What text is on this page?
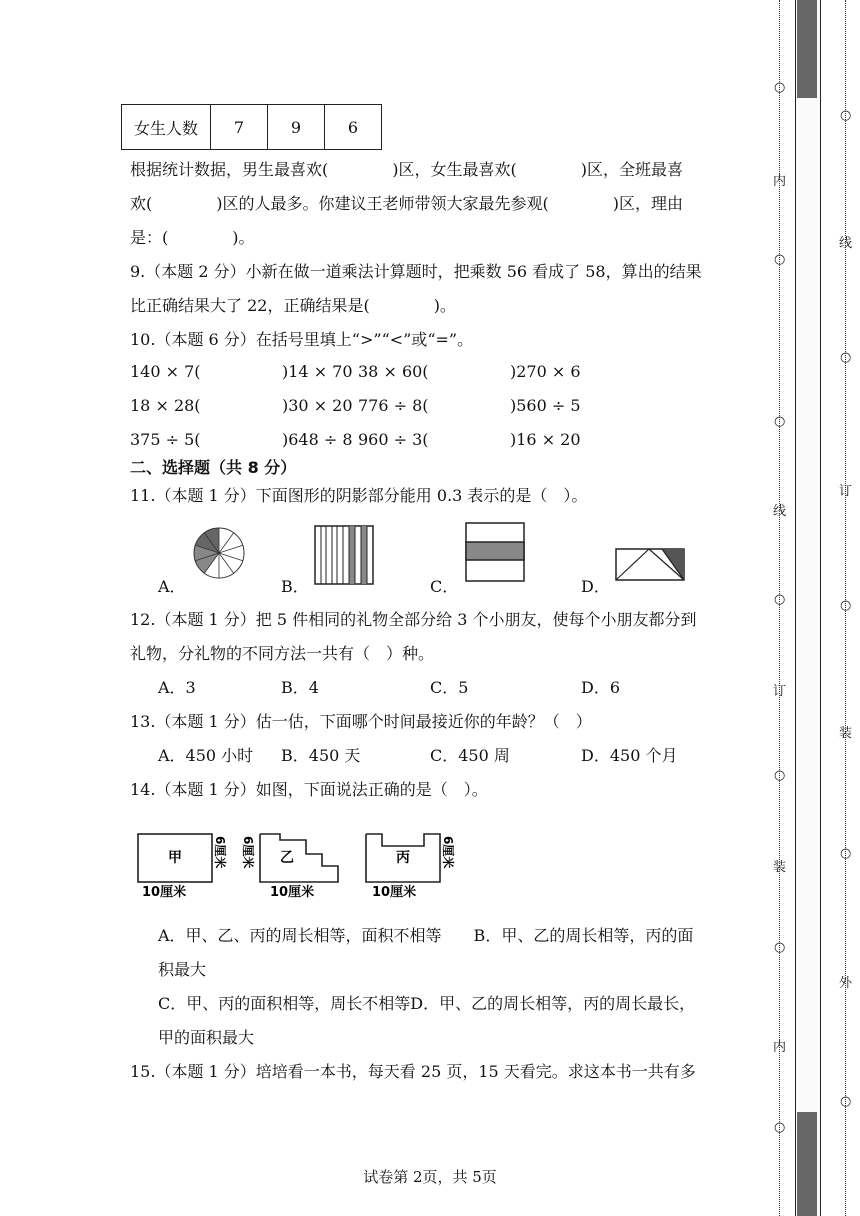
女生人数	7	9	6
根据统计数据，男生最喜欢(　　　　)区，女生最喜欢(　　　　)区，全班最喜
欢(　　　　)区的人最多。你建议王老师带领大家最先参观(　　　　)区，理由
是：(　　　　)。
9.（本题 2 分）小新在做一道乘法计算题时，把乘数 56 看成了 58，算出的结果
比正确结果大了 22，正确结果是(　　　　)。
10.（本题 6 分）在括号里填上“>”“<”或“=”。
140 × 7(	)14 × 70 38 × 60(	)270 × 6
18 × 28(	)30 × 20 776 ÷ 8(	)560 ÷ 5
375 ÷ 5(	)648 ÷ 8 960 ÷ 3(	)16 × 20
二、选择题（共 8 分）
11.（本题 1 分）下面图形的阴影部分能用 0.3 表示的是（　）。
A．	B．	C．	D．
12.（本题 1 分）把 5 件相同的礼物全部分给 3 个小朋友，使每个小朋友都分到
礼物，分礼物的不同方法一共有（　）种。
A．3	B．4	C．5	D．6
13.（本题 1 分）估一估，下面哪个时间最接近你的年龄？（　）
A．450 小时 B．450 天	C．450 周	D．450 个月
14.（本题 1 分）如图，下面说法正确的是（　）。
甲
10厘米
6厘米	乙
10厘米
6厘米	丙
10厘米
6厘米
A．甲、乙、丙的周长相等，面积不相等　　B．甲、乙的周长相等，丙的面
积最大
C．甲、丙的面积相等，周长不相等D．甲、乙的周长相等，丙的周长最长，
甲的面积最大
15.（本题 1 分）培培看一本书，每天看 25 页，15 天看完。求这本书一共有多
试卷第 2页，共 5页
内
线
订
装
内
线
订
装
外
○
○
○
○
○
○
○
○
○
○
○
○
